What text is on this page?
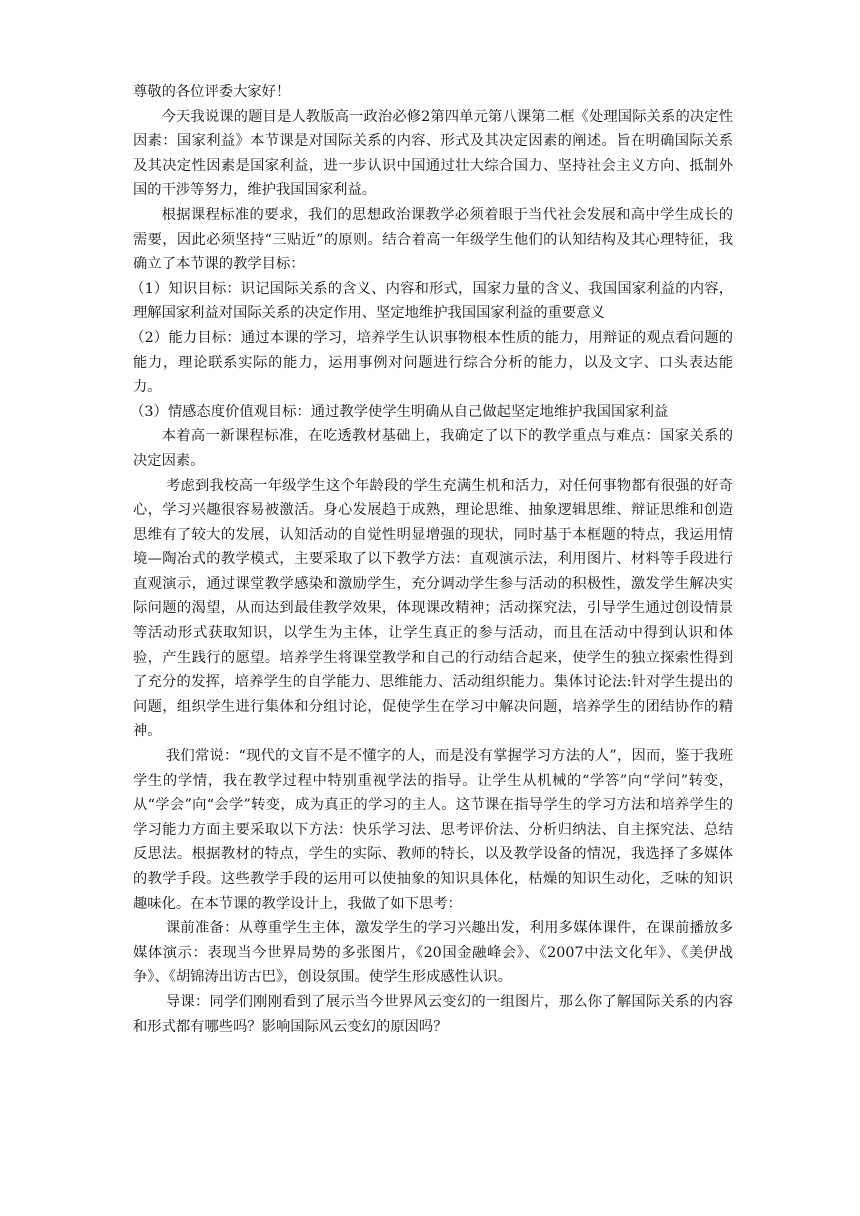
尊敬的各位评委大家好！

今天我说课的题目是人教版高一政治必修2第四单元第八课第二框《处理国际关系的决定性因素：国家利益》本节课是对国际关系的内容、形式及其决定因素的阐述。旨在明确国际关系及其决定性因素是国家利益，进一步认识中国通过壮大综合国力、坚持社会主义方向、抵制外国的干涉等努力，维护我国国家利益。

根据课程标准的要求，我们的思想政治课教学必须着眼于当代社会发展和高中学生成长的需要，因此必须坚持“三贴近”的原则。结合着高一年级学生他们的认知结构及其心理特征，我确立了本节课的教学目标：

（1）知识目标：识记国际关系的含义、内容和形式，国家力量的含义、我国国家利益的内容，理解国家利益对国际关系的决定作用、坚定地维护我国国家利益的重要意义

（2）能力目标：通过本课的学习，培养学生认识事物根本性质的能力，用辩证的观点看问题的能力，理论联系实际的能力，运用事例对问题进行综合分析的能力，以及文字、口头表达能力。

（3）情感态度价值观目标：通过教学使学生明确从自己做起坚定地维护我国国家利益

本着高一新课程标准，在吃透教材基础上，我确定了以下的教学重点与难点：国家关系的决定因素。

考虑到我校高一年级学生这个年龄段的学生充满生机和活力，对任何事物都有很强的好奇心，学习兴趣很容易被激活。身心发展趋于成熟，理论思维、抽象逻辑思维、辩证思维和创造思维有了较大的发展，认知活动的自觉性明显增强的现状，同时基于本框题的特点，我运用情境—陶冶式的教学模式，主要采取了以下教学方法：直观演示法，利用图片、材料等手段进行直观演示，通过课堂教学感染和激励学生，充分调动学生参与活动的积极性，激发学生解决实际问题的渴望，从而达到最佳教学效果，体现课改精神；活动探究法，引导学生通过创设情景等活动形式获取知识，以学生为主体，让学生真正的参与活动，而且在活动中得到认识和体验，产生践行的愿望。培养学生将课堂教学和自己的行动结合起来，使学生的独立探索性得到了充分的发挥，培养学生的自学能力、思维能力、活动组织能力。集体讨论法:针对学生提出的问题，组织学生进行集体和分组讨论，促使学生在学习中解决问题，培养学生的团结协作的精神。

我们常说：“现代的文盲不是不懂字的人，而是没有掌握学习方法的人”，因而，鉴于我班学生的学情，我在教学过程中特别重视学法的指导。让学生从机械的“学答”向“学问”转变，从“学会”向“会学”转变，成为真正的学习的主人。这节课在指导学生的学习方法和培养学生的学习能力方面主要采取以下方法：快乐学习法、思考评价法、分析归纳法、自主探究法、总结反思法。根据教材的特点，学生的实际、教师的特长，以及教学设备的情况，我选择了多媒体的教学手段。这些教学手段的运用可以使抽象的知识具体化，枯燥的知识生动化，乏味的知识趣味化。在本节课的教学设计上，我做了如下思考：

课前准备：从尊重学生主体，激发学生的学习兴趣出发，利用多媒体课件，在课前播放多媒体演示：表现当今世界局势的多张图片，《20国金融峰会》、《2007中法文化年》、《美伊战争》、《胡锦涛出访古巴》，创设氛围。使学生形成感性认识。

导课：同学们刚刚看到了展示当今世界风云变幻的一组图片，那么你了解国际关系的内容和形式都有哪些吗？影响国际风云变幻的原因吗？
